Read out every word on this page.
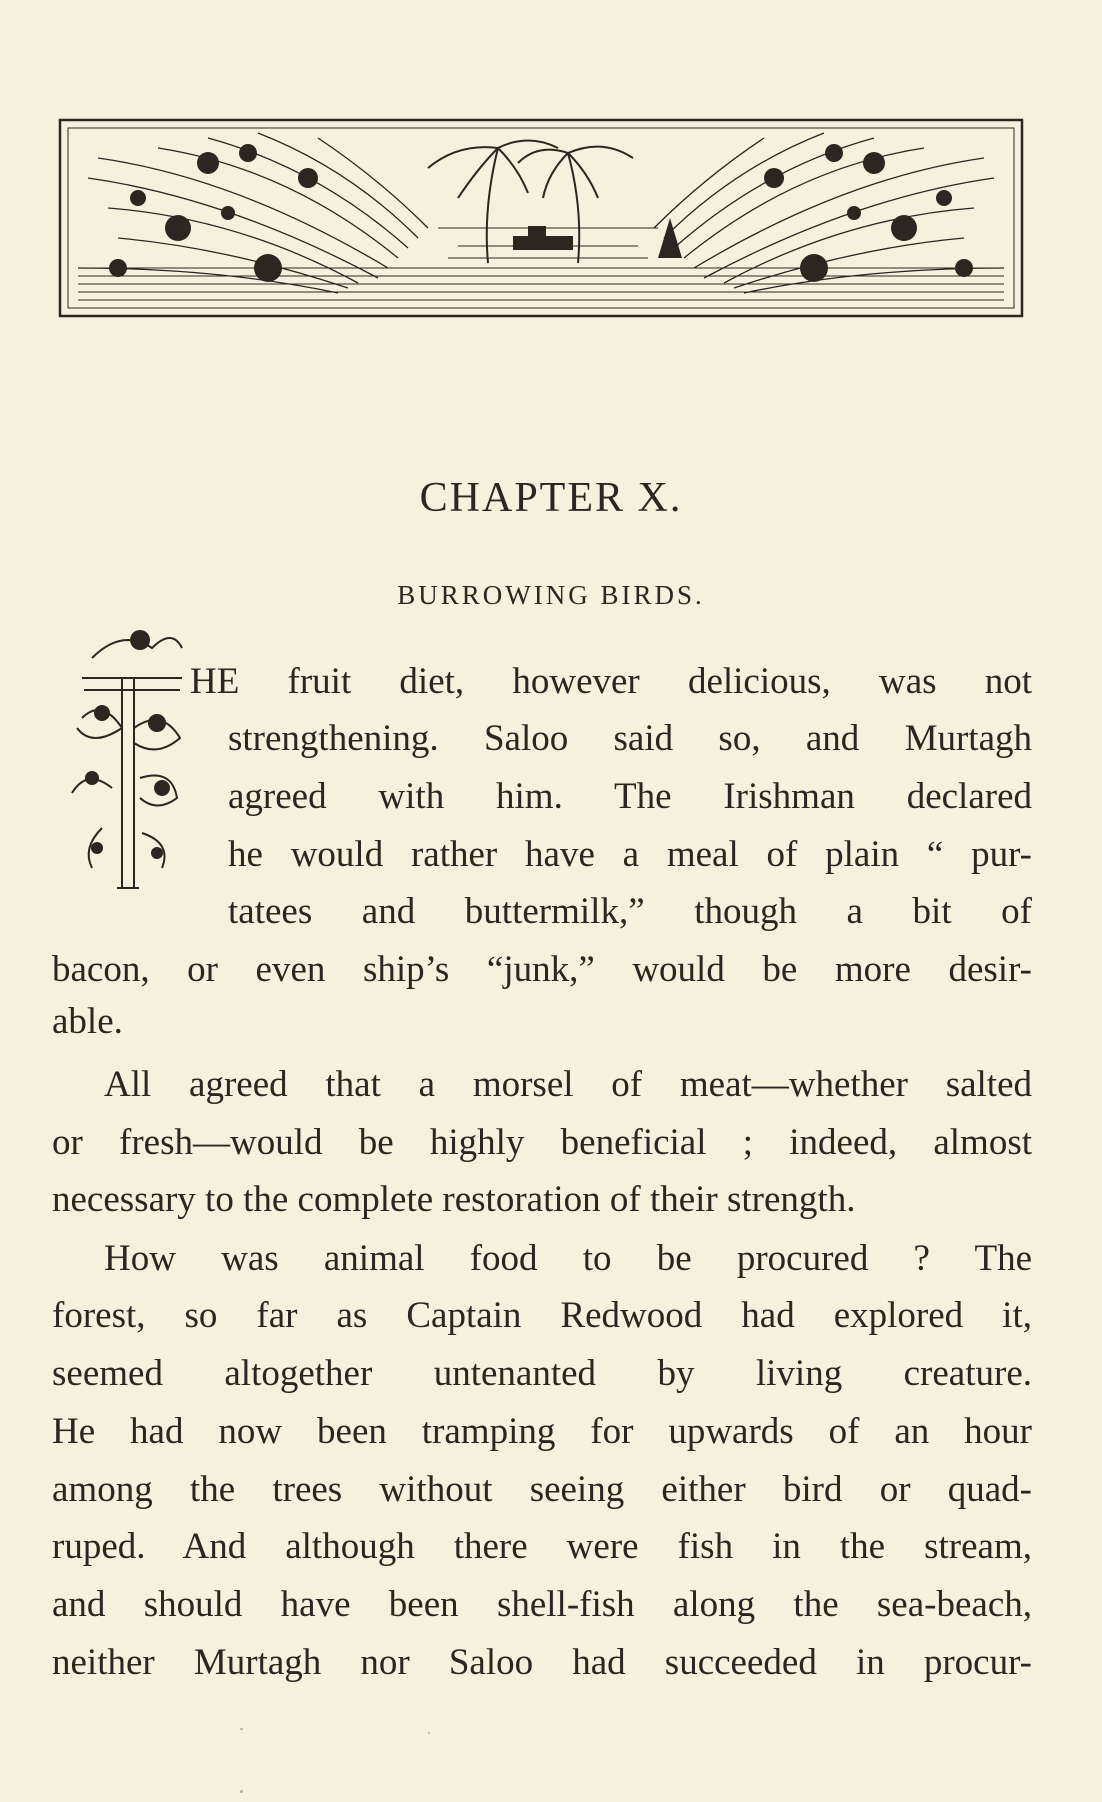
CHAPTER X.
BURROWING BIRDS.
HE fruit diet, however delicious, was not
strengthening. Saloo said so, and Murtagh
agreed with him. The Irishman declared
he would rather have a meal of plain “ pur-
tatees and buttermilk,” though a bit of
bacon, or even ship’s “junk,” would be more desir-
able.
All agreed that a morsel of meat—whether salted
or fresh—would be highly beneficial ; indeed, almost
necessary to the complete restoration of their strength.
How was animal food to be procured ? The
forest, so far as Captain Redwood had explored it,
seemed altogether untenanted by living creature.
He had now been tramping for upwards of an hour
among the trees without seeing either bird or quad-
ruped. And although there were fish in the stream,
and should have been shell-fish along the sea-beach,
neither Murtagh nor Saloo had succeeded in procur-
